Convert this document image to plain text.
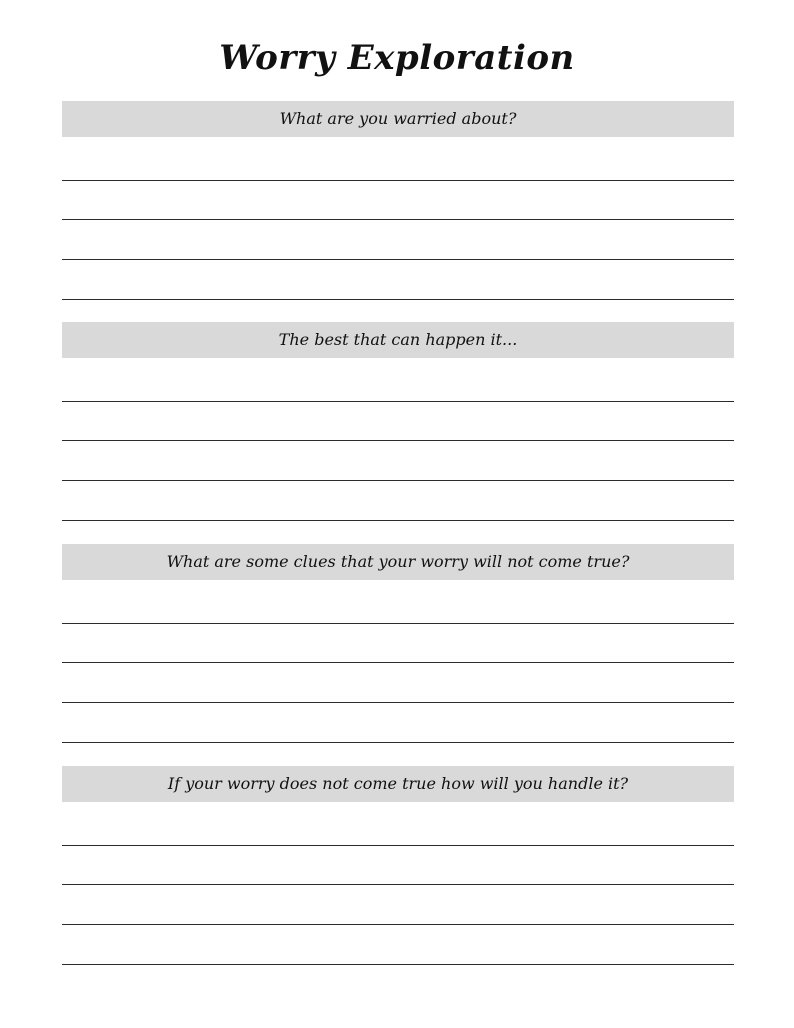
Worry Exploration
What are you warried about?
The best that can happen it...
What are some clues that your worry will not come true?
If your worry does not come true how will you handle it?
